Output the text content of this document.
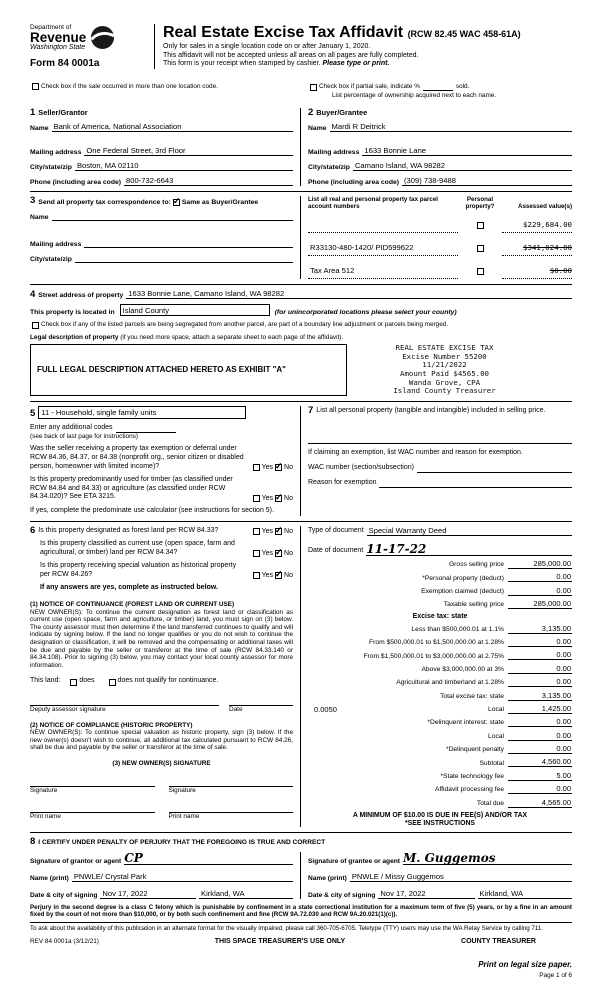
Department of
Revenue
Washington State
Form 84 0001a
Real Estate Excise Tax Affidavit (RCW 82.45 WAC 458-61A)
Only for sales in a single location code on or after January 1, 2020.
This affidavit will not be accepted unless all areas on all pages are fully completed.
This form is your receipt when stamped by cashier. Please type or print.
Check box if the sale occurred in more than one location code.	Check box if partial sale, indicate %	sold.
List percentage of ownership acquired next to each name.
1 Seller/Grantor
Name Bank of America, National Association
Mailing address One Federal Street, 3rd Floor
City/state/zip Boston, MA 02110
Phone (including area code) 800-732-6643
2 Buyer/Grantee
Name Mardi R Deitrick
Mailing address 1633 Bonnie Lane
City/state/zip Camano Island, WA 98282
Phone (including area code) (309) 738-9488
3 Send all property tax correspondence to: ✓ Same as Buyer/Grantee
Name
Mailing address
City/state/zip
List all real and personal property tax parcel account numbers
Personal property?	Assessed value(s)
$229,684.00
R33130-480-1420/ PID599622	$341,024.00
Tax Area 512	$0.00
4 Street address of property 1633 Bonnie Lane, Camano Island, WA 98282
This property is located in Island County	(for unincorporated locations please select your county)
Check box if any of the listed parcels are being segregated from another parcel, are part of a boundary line adjustment or parcels being merged.
Legal description of property (if you need more space, attach a separate sheet to each page of the affidavit).
FULL LEGAL DESCRIPTION ATTACHED HERETO AS EXHIBIT "A"
REAL ESTATE EXCISE TAX
Excise Number 55200
11/21/2022
Amount Paid $4565.00
Wanda Grove, CPA
Island County Treasurer
5 11 - Household, single family units
Enter any additional codes
(see back of last page for instructions)
Was the seller receiving a property tax exemption or deferral under RCW 84.36, 84.37, or 84.38 (nonprofit org., senior citizen or disabled person, homeowner with limited income)?	Yes ✓ No
Is this property predominantly used for timber (as classified under RCW 84.84 and 84.33) or agriculture (as classified under RCW 84.34.020)? See ETA 3215.	Yes ✓ No
If yes, complete the predominate use calculator (see instructions for section 5).
7 List all personal property (tangible and intangible) included in selling price.
If claiming an exemption, list WAC number and reason for exemption.
WAC number (section/subsection)
Reason for exemption
6 Is this property designated as forest land per RCW 84.33?	Yes ✓ No
Is this property classified as current use (open space, farm and agricultural, or timber) land per RCW 84.34?	Yes ✓ No
Is this property receiving special valuation as historical property per RCW 84.26?	Yes ✓ No
If any answers are yes, complete as instructed below.
(1) NOTICE OF CONTINUANCE (FOREST LAND OR CURRENT USE)
NEW OWNER(S): To continue the current designation as forest land or classification as current use (open space, farm and agriculture, or timber) land, you must sign on (3) below. The county assessor must then determine if the land transferred continues to qualify and will indicate by signing below. If the land no longer qualifies or you do not wish to continue the designation or classification, it will be removed and the compensating or additional taxes will be due and payable by the seller or transferor at the time of sale (RCW 84.33.140 or 84.34.108). Prior to signing (3) below, you may contact your local county assessor for more information.
This land:	does	does not qualify for continuance.
Deputy assessor signature	Date
(2) NOTICE OF COMPLIANCE (HISTORIC PROPERTY)
NEW OWNER(S): To continue special valuation as historic property, sign (3) below. If the new owner(s) doesn't wish to continue, all additional tax calculated pursuant to RCW 84.26, shall be due and payable by the seller or transferor at the time of sale.
(3) NEW OWNER(S) SIGNATURE
Signature	Signature
Print name	Print name
Type of document Special Warranty Deed
Date of document 11-17-22
Gross selling price	285,000.00
*Personal property (deduct)	0.00
Exemption claimed (deduct)	0.00
Taxable selling price	285,000.00
Excise tax: state
Less than $500,000.01 at 1.1%	3,135.00
From $500,000.01 to $1,500,000.00 at 1.28%	0.00
From $1,500,000.01 to $3,000,000.00 at 2.75%	0.00
Above $3,000,000.00 at 3%	0.00
Agricultural and timberland at 1.28%	0.00
Total excise tax: state	3,135.00
0.0050	Local	1,425.00
*Delinquent interest: state	0.00
Local	0.00
*Delinquent penalty	0.00
Subtotal	4,560.00
*State technology fee	5.00
Affidavit processing fee	0.00
Total due	4,565.00
A MINIMUM OF $10.00 IS DUE IN FEE(S) AND/OR TAX
*SEE INSTRUCTIONS
8 I CERTIFY UNDER PENALTY OF PERJURY THAT THE FOREGOING IS TRUE AND CORRECT
Signature of grantor or agent CP
Name (print) PNWLE/ Crystal Park
Date & city of signing Nov 17, 2022	Kirkland, WA
Signature of grantee or agent M. Guggemos
Name (print) PNWLE / Missy Guggemos
Date & city of signing Nov 17, 2022	Kirkland, WA
Perjury in the second degree is a class C felony which is punishable by confinement in a state correctional institution for a maximum term of five (5) years, or by a fine in an amount fixed by the court of not more than $10,000, or by both such confinement and fine (RCW 9A.72.030 and RCW 9A.20.021(1)(c)).
To ask about the availability of this publication in an alternate format for the visually impaired, please call 360-705-6705. Teletype (TTY) users may use the WA Relay Service by calling 711.
REV 84 0001a (3/12/21)	THIS SPACE TREASURER'S USE ONLY	COUNTY TREASURER
Print on legal size paper.
Page 1 of 6
